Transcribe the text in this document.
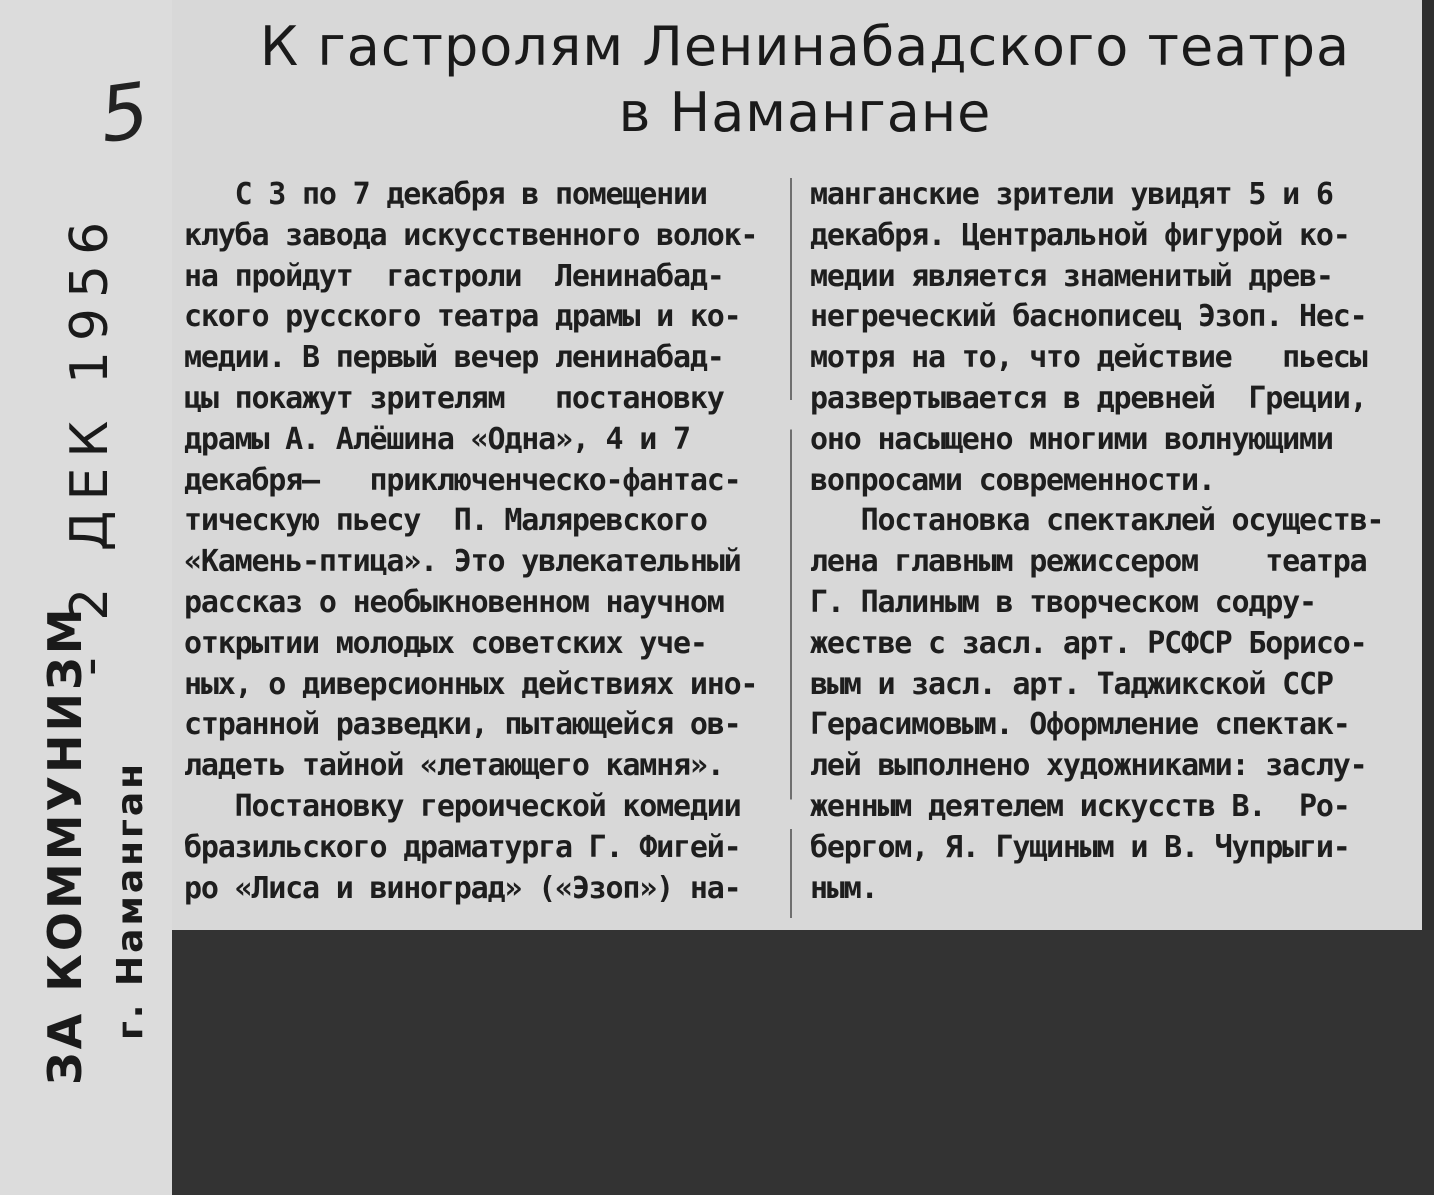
5
ЗА КОММУНИЗМ г. Наманган
- 2 ДЕК 1956
К гастролям Ленинабадского театра
в Намангане
С 3 по 7 декабря в помещении
клуба завода искусственного волок-
на пройдут  гастроли  Ленинабад-
ского русского театра драмы и ко-
медии. В первый вечер ленинабад-
цы покажут зрителям   постановку
драмы А. Алёшина «Одна», 4 и 7
декабря—   приключенческо-фантас-
тическую пьесу  П. Маляревского
«Камень-птица». Это увлекательный
рассказ о необыкновенном научном
открытии молодых советских уче-
ных, о диверсионных действиях ино-
странной разведки, пытающейся ов-
ладеть тайной «летающего камня».
Постановку героической комедии
бразильского драматурга Г. Фигей-
ро «Лиса и виноград» («Эзоп») на-
манганские зрители увидят 5 и 6
декабря. Центральной фигурой ко-
медии является знаменитый древ-
негреческий баснописец Эзоп. Нес-
мотря на то, что действие   пьесы
развертывается в древней  Греции,
оно насыщено многими волнующими
вопросами современности.
Постановка спектаклей осуществ-
лена главным режиссером    театра
Г. Палиным в творческом содру-
жестве с засл. арт. РСФСР Борисо-
вым и засл. арт. Таджикской ССР
Герасимовым. Оформление спектак-
лей выполнено художниками: заслу-
женным деятелем искусств В.  Ро-
бергом, Я. Гущиным и В. Чупрыги-
ным.
